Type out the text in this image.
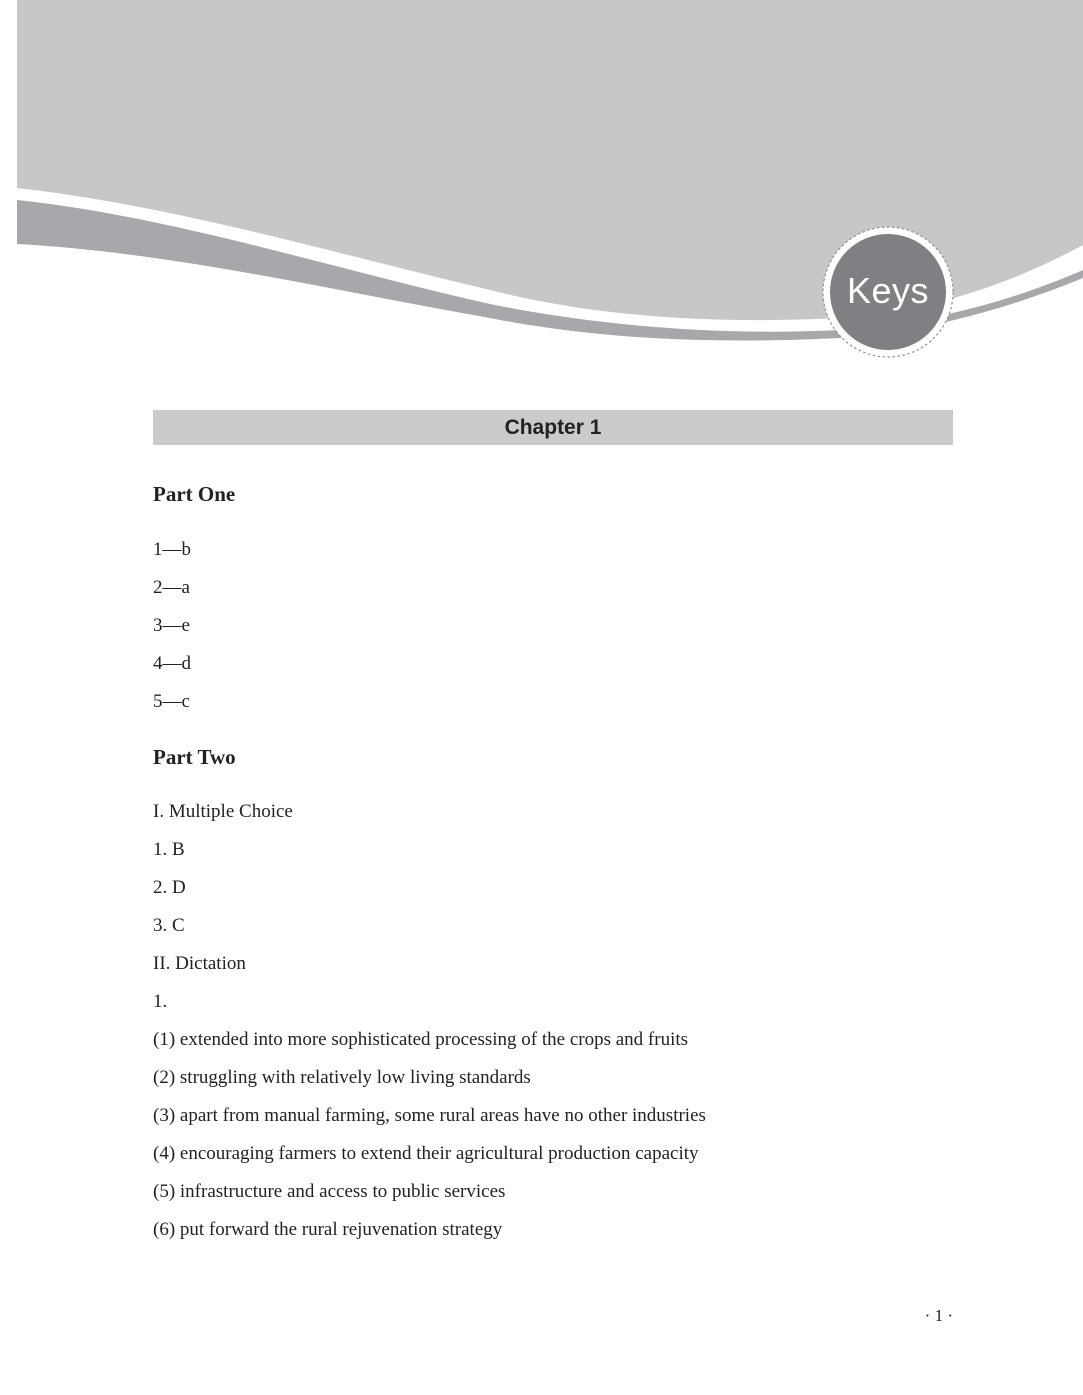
Keys
Chapter 1
Part One
1—b
2—a
3—e
4—d
5—c
Part Two
I. Multiple Choice
1. B
2. D
3. C
II. Dictation
1.
(1) extended into more sophisticated processing of the crops and fruits
(2) struggling with relatively low living standards
(3) apart from manual farming, some rural areas have no other industries
(4) encouraging farmers to extend their agricultural production capacity
(5) infrastructure and access to public services
(6) put forward the rural rejuvenation strategy
· 1 ·
